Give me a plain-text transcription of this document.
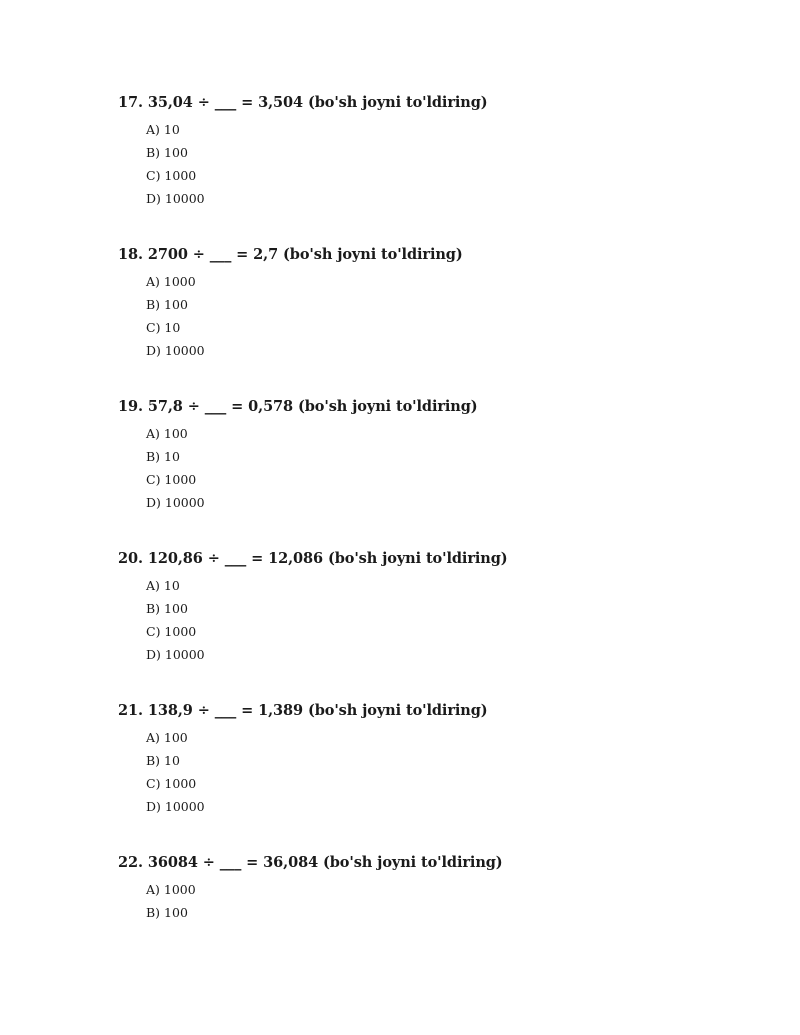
17. 35,04 ÷ ___ = 3,504 (bo'sh joyni to'ldiring)
A) 10
B) 100
C) 1000
D) 10000
18. 2700 ÷ ___ = 2,7 (bo'sh joyni to'ldiring)
A) 1000
B) 100
C) 10
D) 10000
19. 57,8 ÷ ___ = 0,578 (bo'sh joyni to'ldiring)
A) 100
B) 10
C) 1000
D) 10000
20. 120,86 ÷ ___ = 12,086 (bo'sh joyni to'ldiring)
A) 10
B) 100
C) 1000
D) 10000
21. 138,9 ÷ ___ = 1,389 (bo'sh joyni to'ldiring)
A) 100
B) 10
C) 1000
D) 10000
22. 36084 ÷ ___ = 36,084 (bo'sh joyni to'ldiring)
A) 1000
B) 100
